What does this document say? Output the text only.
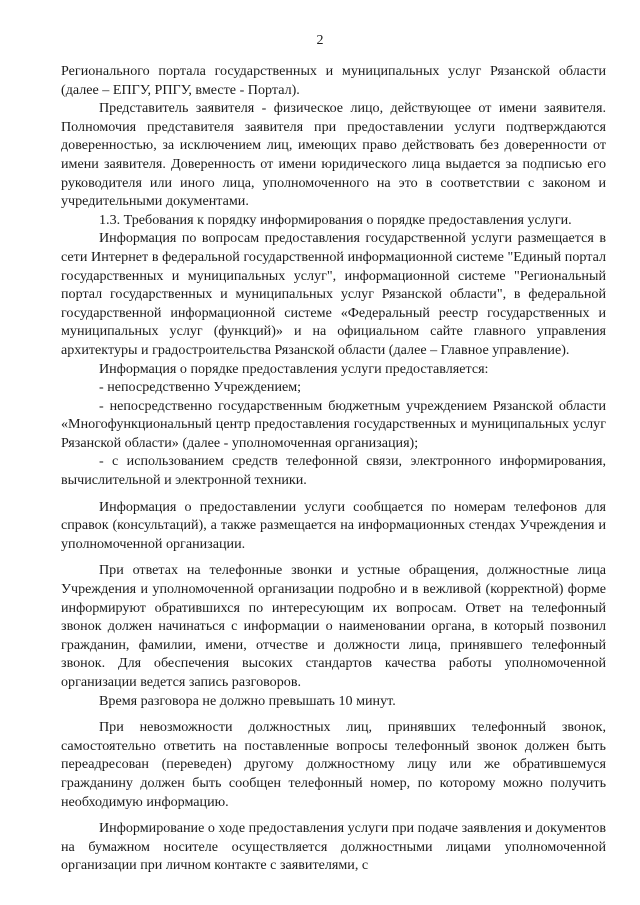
2

Регионального портала государственных и муниципальных услуг Рязанской области (далее – ЕПГУ, РПГУ, вместе - Портал).

Представитель заявителя - физическое лицо, действующее от имени заявителя. Полномочия представителя заявителя при предоставлении услуги подтверждаются доверенностью, за исключением лиц, имеющих право действовать без доверенности от имени заявителя. Доверенность от имени юридического лица выдается за подписью его руководителя или иного лица, уполномоченного на это в соответствии с законом и учредительными документами.

1.3. Требования к порядку информирования о порядке предоставления услуги.

Информация по вопросам предоставления государственной услуги размещается в сети Интернет в федеральной государственной информационной системе "Единый портал государственных и муниципальных услуг", информационной системе "Региональный портал государственных и муниципальных услуг Рязанской области", в федеральной государственной информационной системе «Федеральный реестр государственных и муниципальных услуг (функций)» и на официальном сайте главного управления архитектуры и градостроительства Рязанской области (далее – Главное управление).

Информация о порядке предоставления услуги предоставляется:

- непосредственно Учреждением;

- непосредственно государственным бюджетным учреждением Рязанской области «Многофункциональный центр предоставления государственных и муниципальных услуг Рязанской области» (далее - уполномоченная организация);

- с использованием средств телефонной связи, электронного информирования, вычислительной и электронной техники.

Информация о предоставлении услуги сообщается по номерам телефонов для справок (консультаций), а также размещается на информационных стендах Учреждения и уполномоченной организации.

При ответах на телефонные звонки и устные обращения, должностные лица Учреждения и уполномоченной организации подробно и в вежливой (корректной) форме информируют обратившихся по интересующим их вопросам. Ответ на телефонный звонок должен начинаться с информации о наименовании органа, в который позвонил гражданин, фамилии, имени, отчестве и должности лица, принявшего телефонный звонок. Для обеспечения высоких стандартов качества работы уполномоченной организации ведется запись разговоров.

Время разговора не должно превышать 10 минут.

При невозможности должностных лиц, принявших телефонный звонок, самостоятельно ответить на поставленные вопросы телефонный звонок должен быть переадресован (переведен) другому должностному лицу или же обратившемуся гражданину должен быть сообщен телефонный номер, по которому можно получить необходимую информацию.

Информирование о ходе предоставления услуги при подаче заявления и документов на бумажном носителе осуществляется должностными лицами уполномоченной организации при личном контакте с заявителями, с
